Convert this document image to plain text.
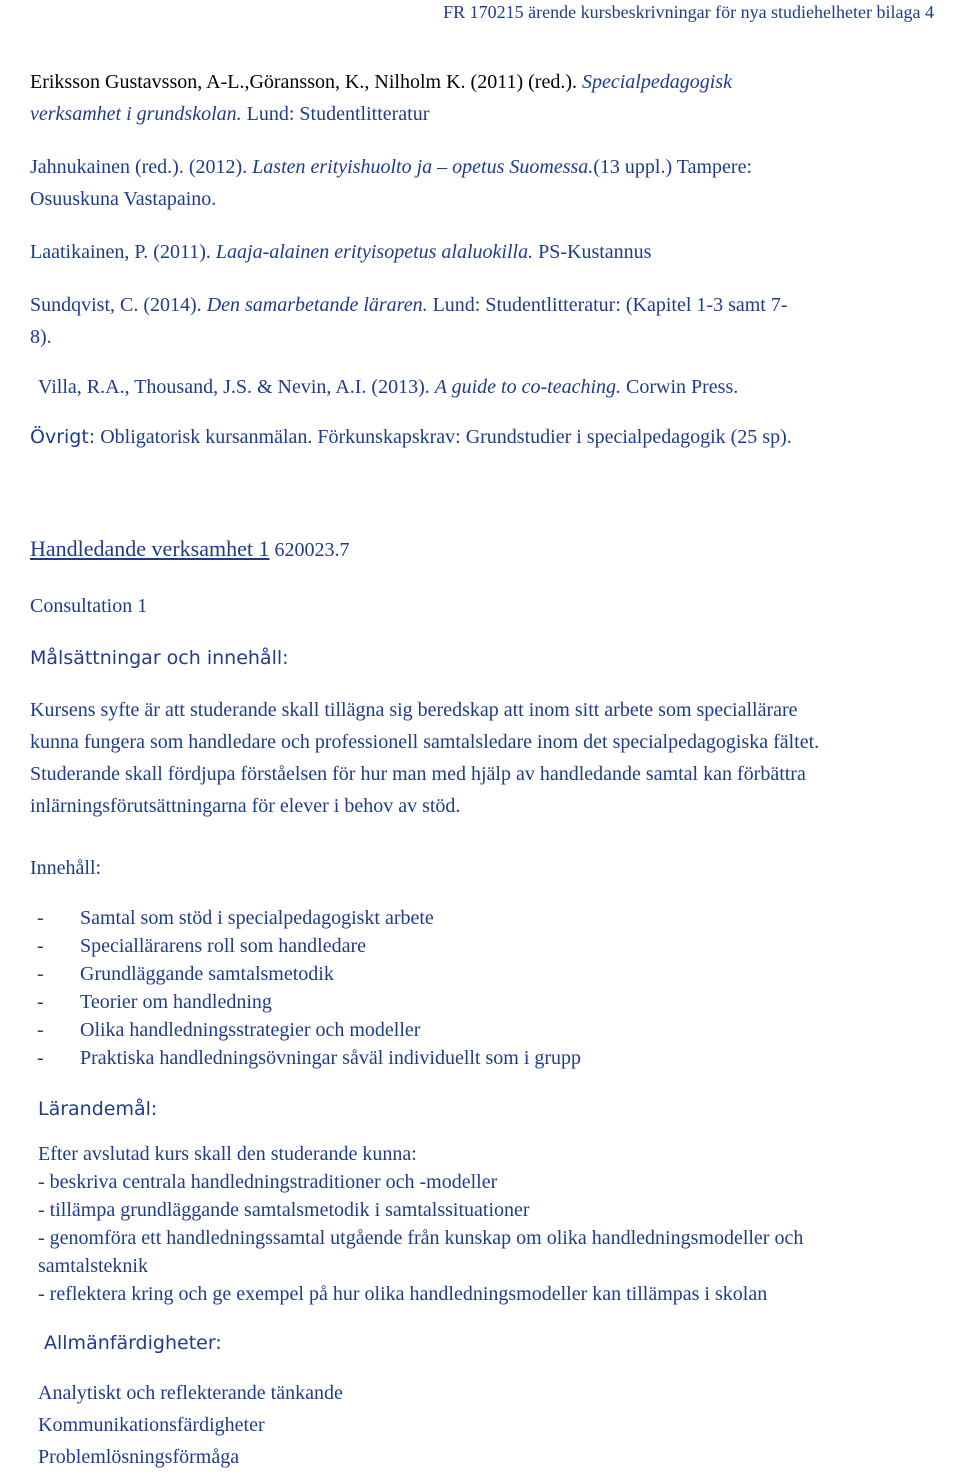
FR 170215 ärende kursbeskrivningar för nya studiehelheter bilaga 4
Eriksson Gustavsson, A-L.,Göransson, K., Nilholm K. (2011) (red.). Specialpedagogisk
verksamhet i grundskolan. Lund: Studentlitteratur
Jahnukainen (red.). (2012). Lasten erityishuolto ja – opetus Suomessa.(13 uppl.) Tampere:
Osuuskuna Vastapaino.
Laatikainen, P. (2011). Laaja-alainen erityisopetus alaluokilla. PS-Kustannus
Sundqvist, C. (2014). Den samarbetande läraren. Lund: Studentlitteratur: (Kapitel 1-3 samt 7-
8).
Villa, R.A., Thousand, J.S. & Nevin, A.I. (2013). A guide to co-teaching. Corwin Press.
Övrigt: Obligatorisk kursanmälan. Förkunskapskrav: Grundstudier i specialpedagogik (25 sp).
Handledande verksamhet 1 620023.7
Consultation 1
Målsättningar och innehåll:
Kursens syfte är att studerande skall tillägna sig beredskap att inom sitt arbete som speciallärare
kunna fungera som handledare och professionell samtalsledare inom det specialpedagogiska fältet.
Studerande skall fördjupa förståelsen för hur man med hjälp av handledande samtal kan förbättra
inlärningsförutsättningarna för elever i behov av stöd.
Innehåll:
- Samtal som stöd i specialpedagogiskt arbete
- Speciallärarens roll som handledare
- Grundläggande samtalsmetodik
- Teorier om handledning
- Olika handledningsstrategier och modeller
- Praktiska handledningsövningar såväl individuellt som i grupp
Lärandemål:
Efter avslutad kurs skall den studerande kunna:
- beskriva centrala handledningstraditioner och -modeller
- tillämpa grundläggande samtalsmetodik i samtalssituationer
- genomföra ett handledningssamtal utgående från kunskap om olika handledningsmodeller och
samtalsteknik
- reflektera kring och ge exempel på hur olika handledningsmodeller kan tillämpas i skolan
Allmänfärdigheter:
Analytiskt och reflekterande tänkande
Kommunikationsfärdigheter
Problemlösningsförmåga
